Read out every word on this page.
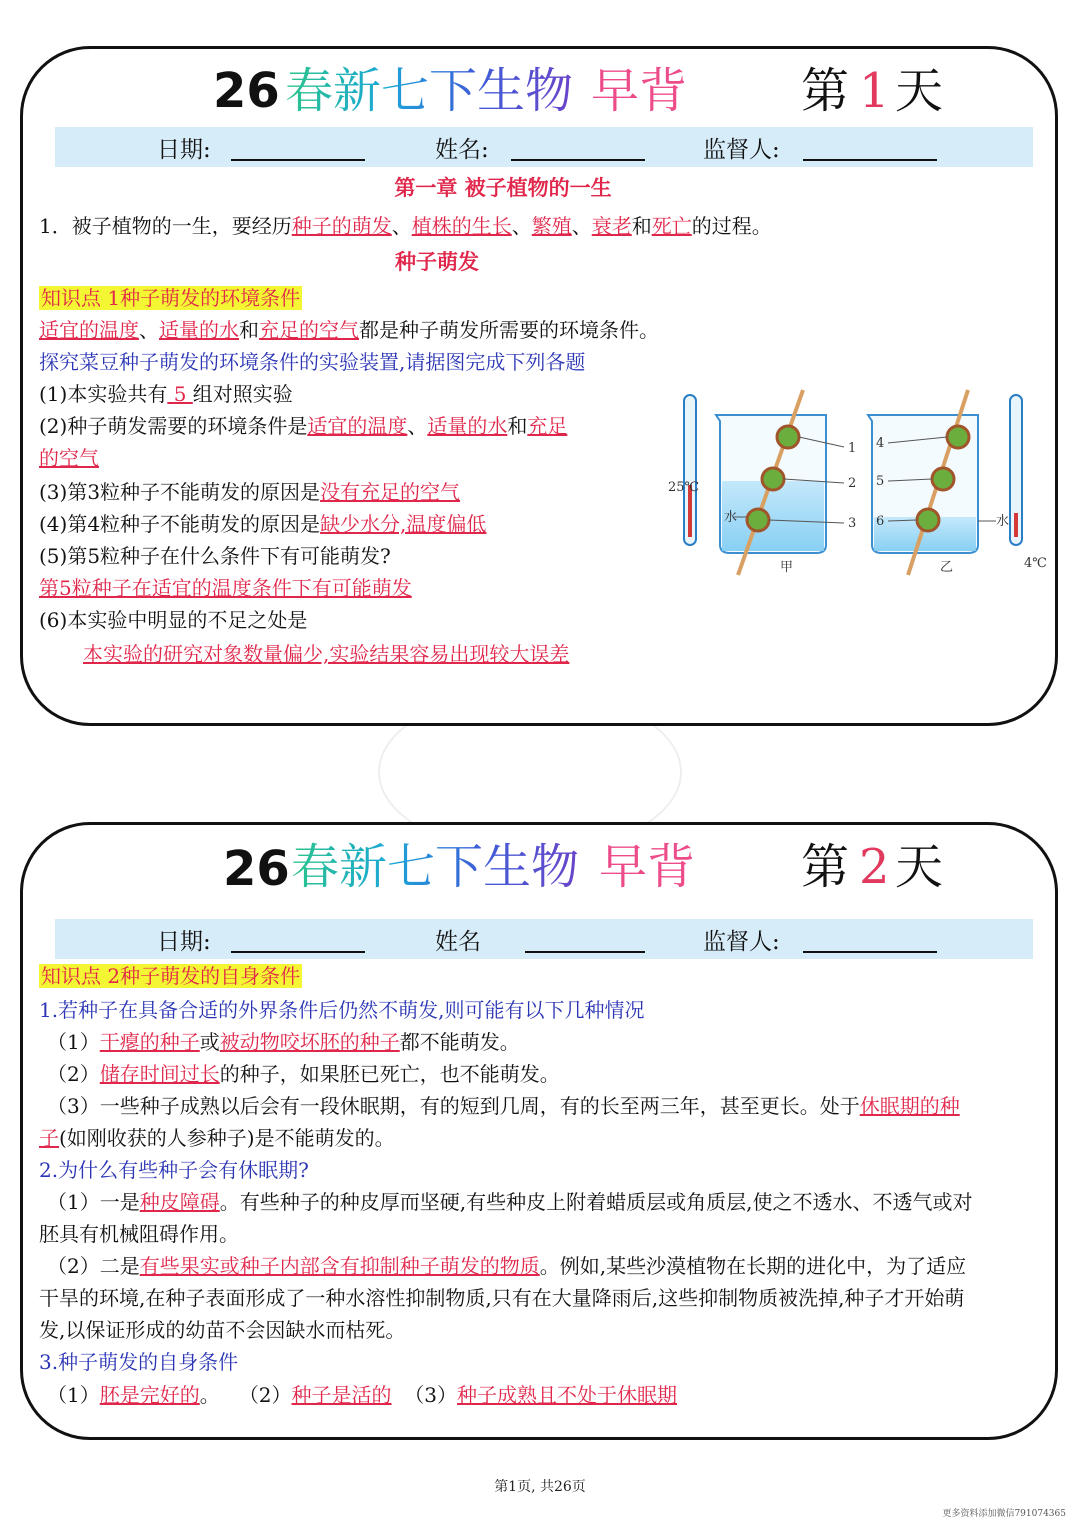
26 春新七下生物 早背 第 1 天
日期:	姓名:	监督人:
第一章 被子植物的一生
1．被子植物的一生，要经历种子的萌发、植株的生长、繁殖、衰老和死亡的过程。
种子萌发
知识点 1种子萌发的环境条件
适宜的温度、适量的水和充足的空气都是种子萌发所需要的环境条件。
探究菜豆种子萌发的环境条件的实验装置,请据图完成下列各题
(1)本实验共有 5 组对照实验
(2)种子萌发需要的环境条件是适宜的温度、适量的水和充足
的空气
(3)第3粒种子不能萌发的原因是没有充足的空气
(4)第4粒种子不能萌发的原因是缺少水分,温度偏低
(5)第5粒种子在什么条件下有可能萌发?
第5粒种子在适宜的温度条件下有可能萌发
(6)本实验中明显的不足之处是
本实验的研究对象数量偏少,实验结果容易出现较大误差
25℃
水
1
2
3
4
5
6	水
4℃
甲	乙
26 春新七下生物 早背 第 2 天
日期:	姓名	监督人:
知识点 2种子萌发的自身条件
1.若种子在具备合适的外界条件后仍然不萌发,则可能有以下几种情况
（1）干瘪的种子或被动物咬坏胚的种子都不能萌发。
（2）储存时间过长的种子，如果胚已死亡，也不能萌发。
（3）一些种子成熟以后会有一段休眠期，有的短到几周，有的长至两三年，甚至更长。处于休眠期的种
子(如刚收获的人参种子)是不能萌发的。
2.为什么有些种子会有休眠期?
（1）一是种皮障碍。有些种子的种皮厚而坚硬,有些种皮上附着蜡质层或角质层,使之不透水、不透气或对
胚具有机械阻碍作用。
（2）二是有些果实或种子内部含有抑制种子萌发的物质。例如,某些沙漠植物在长期的进化中，为了适应
干旱的环境,在种子表面形成了一种水溶性抑制物质,只有在大量降雨后,这些抑制物质被洗掉,种子才开始萌
发,以保证形成的幼苗不会因缺水而枯死。
3.种子萌发的自身条件
（1）胚是完好的。 （2）种子是活的 （3）种子成熟且不处于休眠期
第1页, 共26页
更多资料添加微信791074365
